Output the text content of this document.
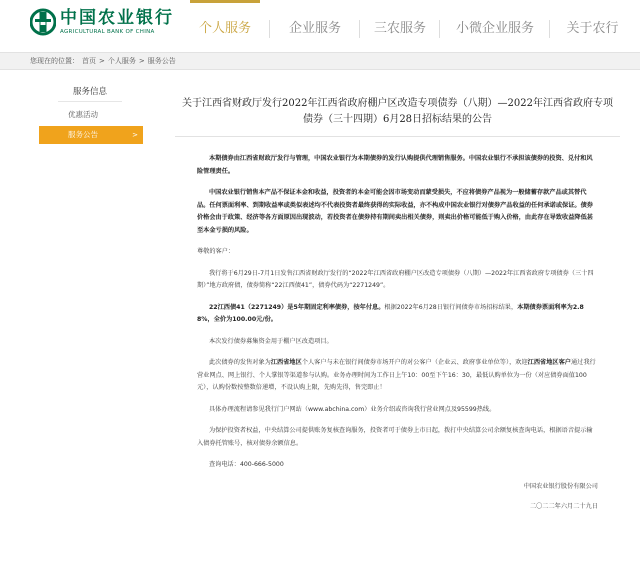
中国农业银行
AGRICULTURAL BANK OF CHINA	个人服务	企业服务	三农服务	小微企业服务	关于农行
您现在的位置： 首页 > 个人服务 > 服务公告
服务信息
优惠活动
服务公告 >
关于江西省财政厅发行2022年江西省政府棚户区改造专项债券（八期）—2022年江西省政府专项债券（三十四期）6月28日招标结果的公告

本期债券由江西省财政厅发行与管理，中国农业银行为本期债券的发行认购提供代理销售服务。中国农业银行不承担该债券的投资、兑付和风险管理责任。

中国农业银行销售本产品不保证本金和收益，投资者的本金可能会因市场变动而蒙受损失，不应将债券产品视为一般储蓄存款产品或其替代品。任何票面利率、到期收益率或类似表述均不代表投资者最终获得的实际收益，亦不构成中国农业银行对债券产品收益的任何承诺或保证。债券价格会由于政策、经济等各方面原因出现波动，若投资者在债券持有期间卖出相关债券，则卖出价格可能低于购入价格，由此存在导致收益降低甚至本金亏损的风险。

尊敬的客户：

我行将于6月29日-7月1日发售江西省财政厅发行的“2022年江西省政府棚户区改造专项债券（八期）—2022年江西省政府专项债券（三十四期）”地方政府债，债券简称“22江西债41”，债券代码为“2271249”。

22江西债41（2271249）是5年期固定利率债券，按年付息。根据2022年6月28日银行间债券市场招标结果，本期债券票面利率为2.88%，全价为100.00元/份。

本次发行债券募集资金用于棚户区改造项目。

此次债券的发售对象为江西省地区个人客户与未在银行间债券市场开户的对公客户（企业云、政府事业单位等），欢迎江西省地区客户通过我行营业网点、网上银行、个人掌银等渠道参与认购。业务办理时间为工作日上午10：00至下午16：30，最低认购单位为一份（对应债券面值100元），认购份数按整数倍递增，不设认购上限，先购先得，售完即止！

具体办理流程请参见我行门户网站（www.abchina.com）业务介绍或咨询我行营业网点及95599热线。

为保护投资者权益，中央结算公司提供账务复核查询服务，投资者可于债券上市日起，拨打中央结算公司余额复核查询电话，根据语音提示输入债券托管账号，核对债券余额信息。

查询电话：400-666-5000

中国农业银行股份有限公司
二〇二二年六月二十九日
